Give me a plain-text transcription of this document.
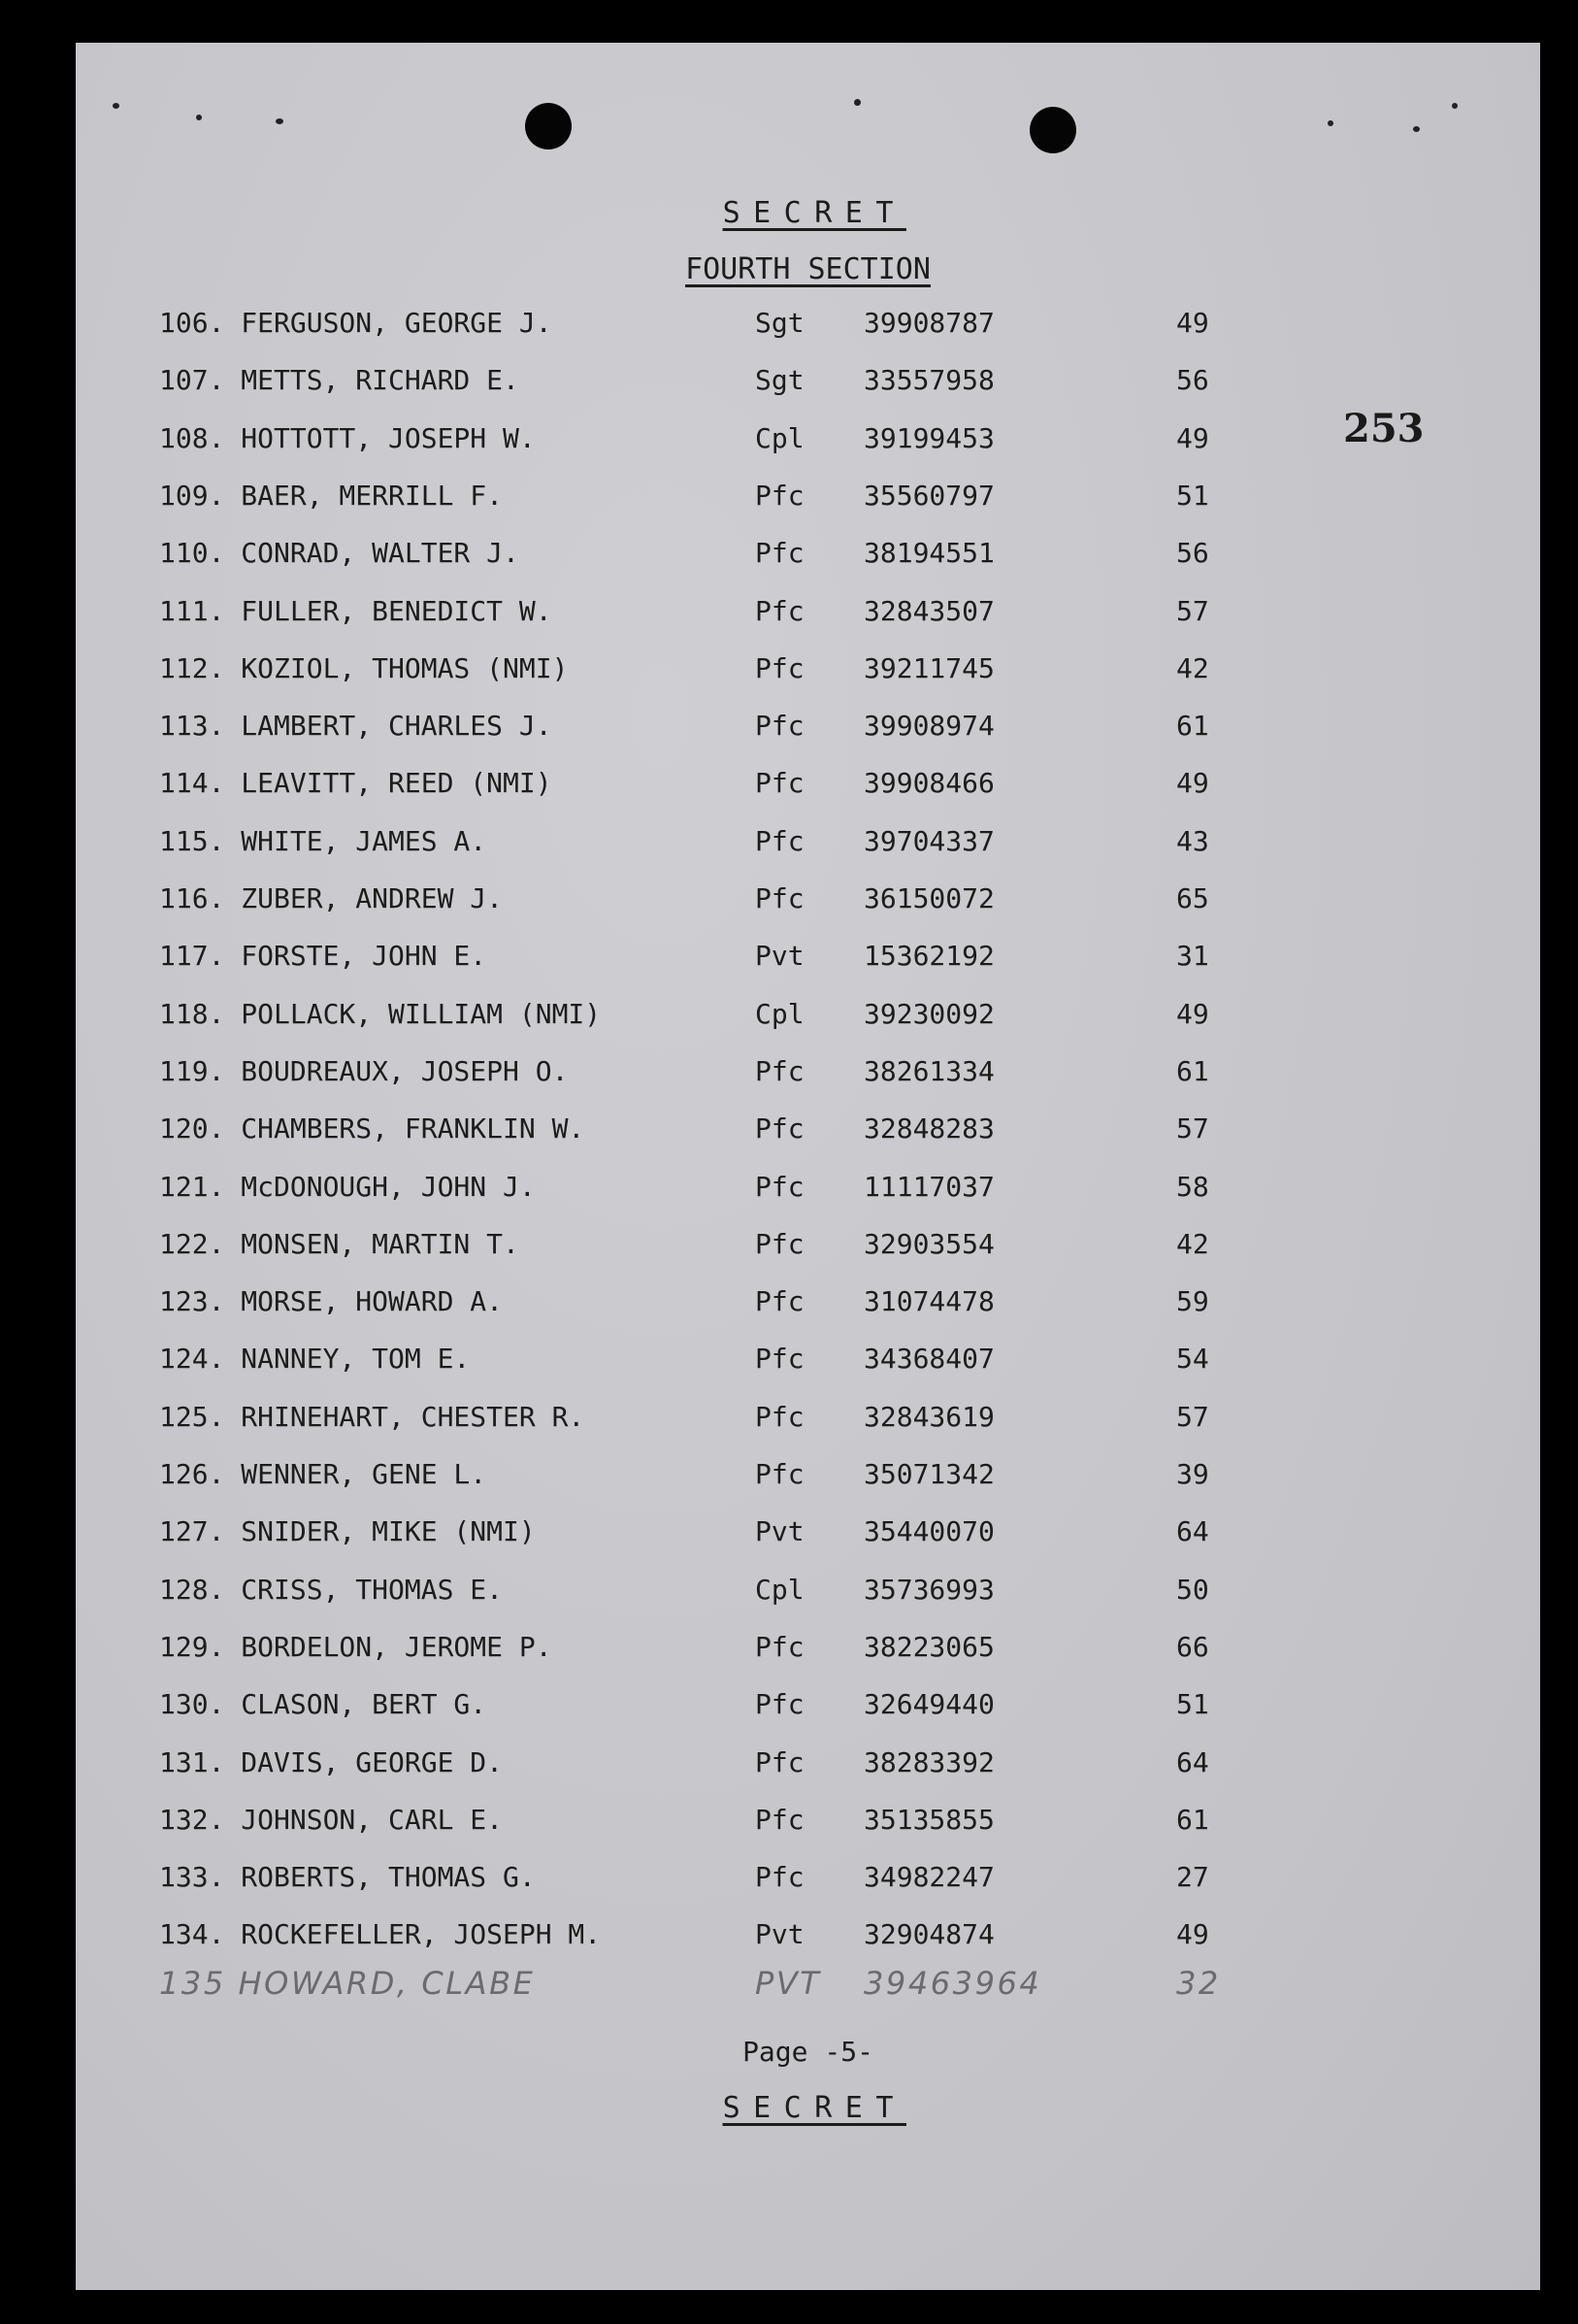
SECRET
FOURTH SECTION
253
106. FERGUSON, GEORGE J.	Sgt 39908787	49
107. METTS, RICHARD E.	Sgt 33557958	56
108. HOTTOTT, JOSEPH W.	Cpl 39199453	49
109. BAER, MERRILL F.	Pfc 35560797	51
110. CONRAD, WALTER J.	Pfc 38194551	56
111. FULLER, BENEDICT W.	Pfc 32843507	57
112. KOZIOL, THOMAS (NMI)	Pfc 39211745	42
113. LAMBERT, CHARLES J.	Pfc 39908974	61
114. LEAVITT, REED (NMI)	Pfc 39908466	49
115. WHITE, JAMES A.	Pfc 39704337	43
116. ZUBER, ANDREW J.	Pfc 36150072	65
117. FORSTE, JOHN E.	Pvt 15362192	31
118. POLLACK, WILLIAM (NMI)	Cpl 39230092	49
119. BOUDREAUX, JOSEPH O.	Pfc 38261334	61
120. CHAMBERS, FRANKLIN W.	Pfc 32848283	57
121. McDONOUGH, JOHN J.	Pfc 11117037	58
122. MONSEN, MARTIN T.	Pfc 32903554	42
123. MORSE, HOWARD A.	Pfc 31074478	59
124. NANNEY, TOM E.	Pfc 34368407	54
125. RHINEHART, CHESTER R.	Pfc 32843619	57
126. WENNER, GENE L.	Pfc 35071342	39
127. SNIDER, MIKE (NMI)	Pvt 35440070	64
128. CRISS, THOMAS E.	Cpl 35736993	50
129. BORDELON, JEROME P.	Pfc 38223065	66
130. CLASON, BERT G.	Pfc 32649440	51
131. DAVIS, GEORGE D.	Pfc 38283392	64
132. JOHNSON, CARL E.	Pfc 35135855	61
133. ROBERTS, THOMAS G.	Pfc 34982247	27
134. ROCKEFELLER, JOSEPH M.	Pvt 32904874	49
135 HOWARD, CLABE	PVT 39463964	32
Page -5-
SECRET
